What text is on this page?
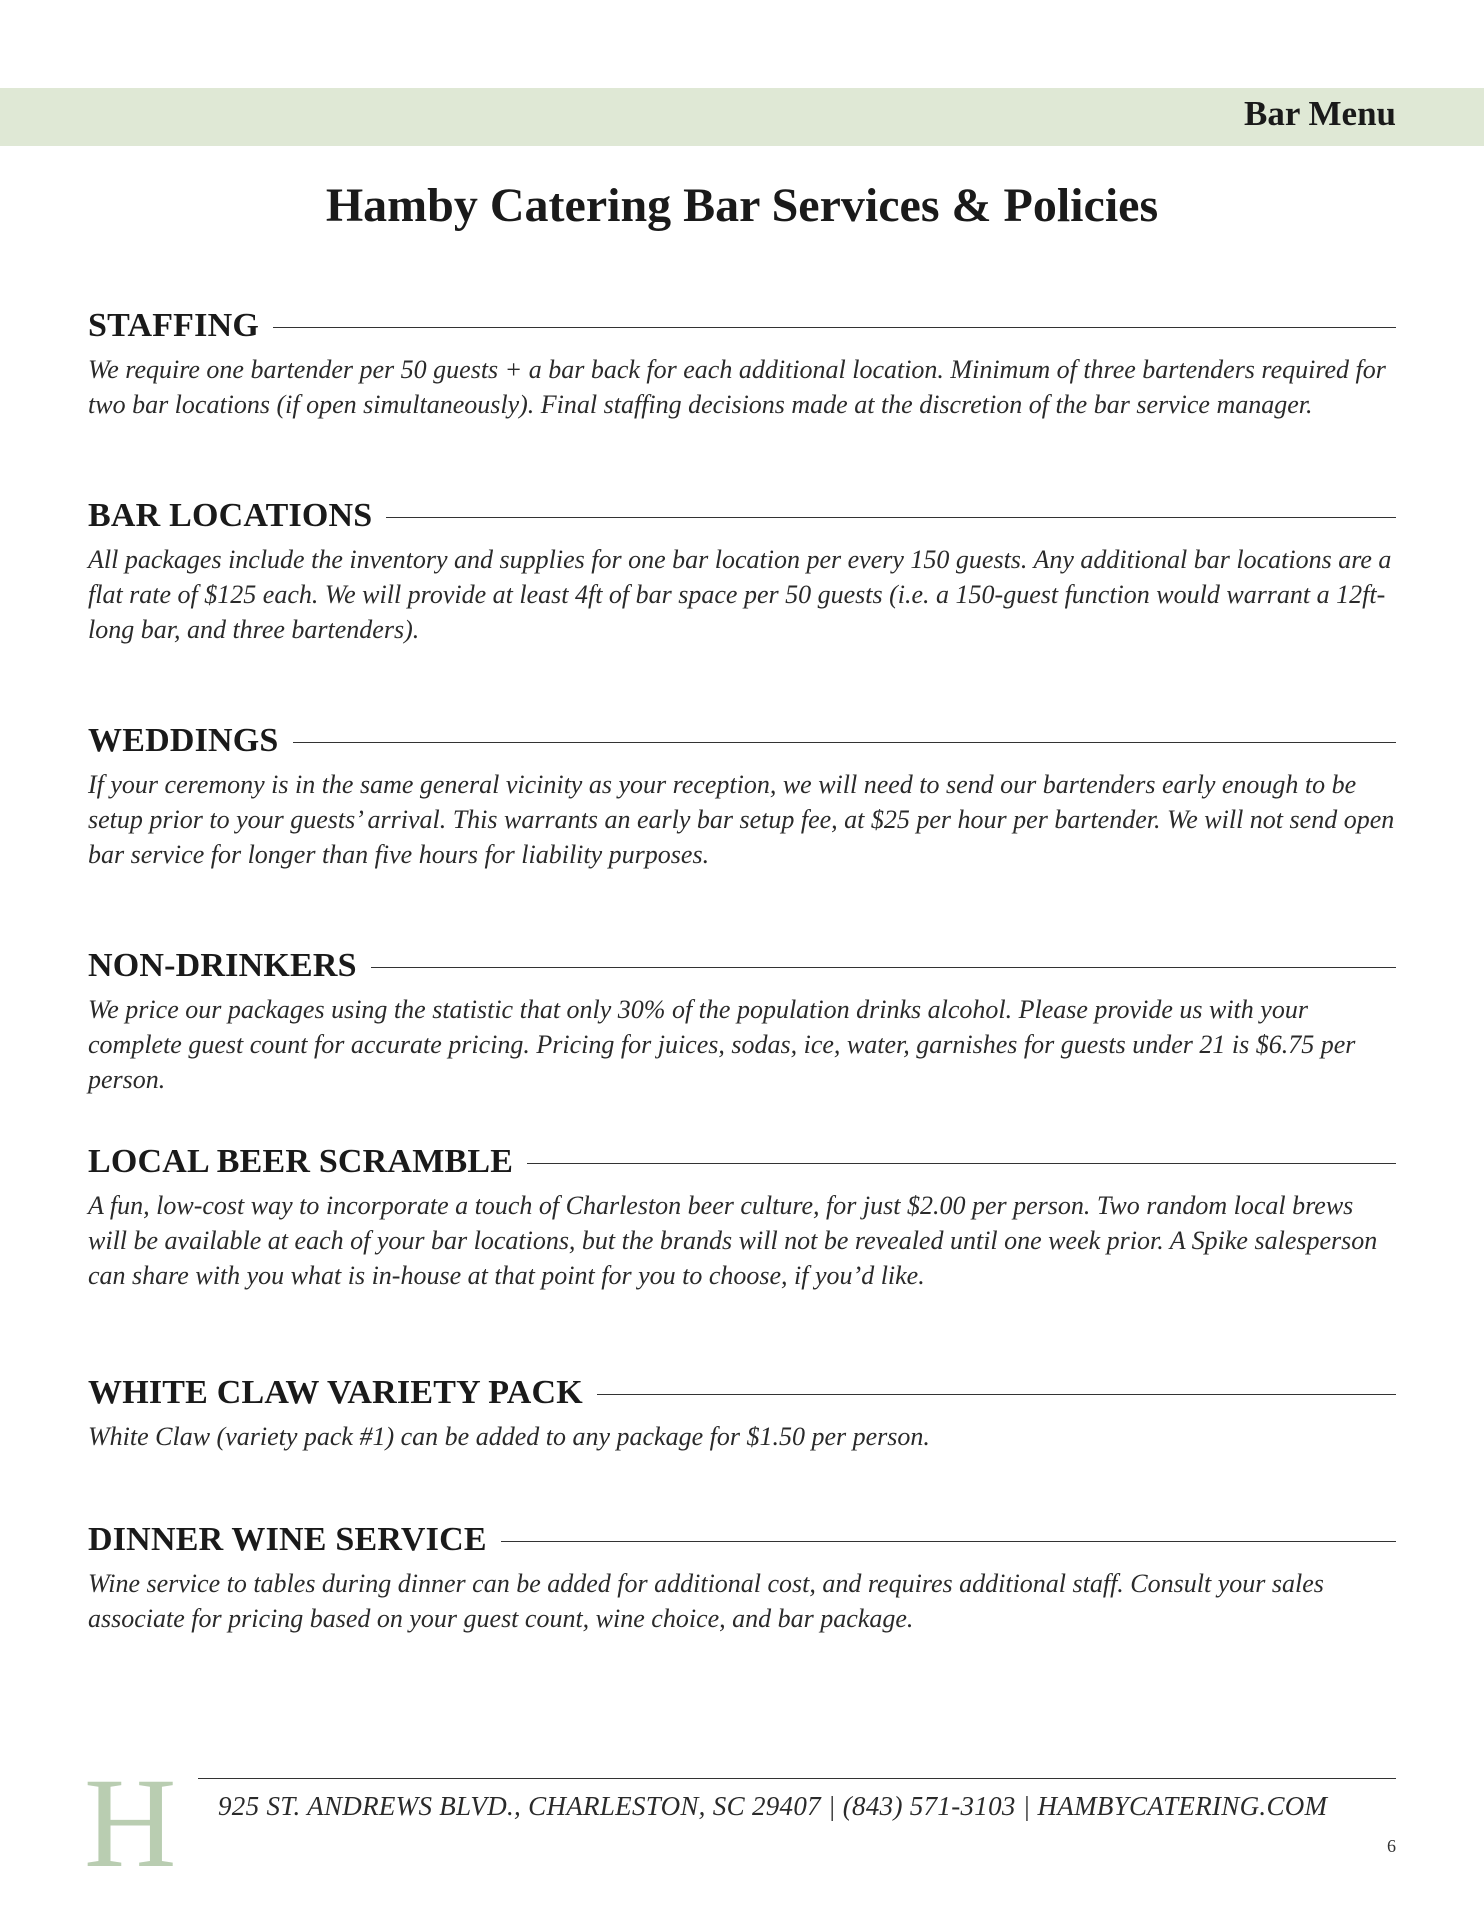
Bar Menu
Hamby Catering Bar Services & Policies
STAFFING
We require one bartender per 50 guests + a bar back for each additional location. Minimum of three bartenders required for two bar locations (if open simultaneously). Final staffing decisions made at the discretion of the bar service manager.
BAR LOCATIONS
All packages include the inventory and supplies for one bar location per every 150 guests. Any additional bar locations are a flat rate of $125 each. We will provide at least 4ft of bar space per 50 guests (i.e. a 150-guest function would warrant a 12ft-long bar, and three bartenders).
WEDDINGS
If your ceremony is in the same general vicinity as your reception, we will need to send our bartenders early enough to be setup prior to your guests’ arrival. This warrants an early bar setup fee, at $25 per hour per bartender. We will not send open bar service for longer than five hours for liability purposes.
NON-DRINKERS
We price our packages using the statistic that only 30% of the population drinks alcohol. Please provide us with your complete guest count for accurate pricing. Pricing for juices, sodas, ice, water, garnishes for guests under 21 is $6.75 per person.
LOCAL BEER SCRAMBLE
A fun, low-cost way to incorporate a touch of Charleston beer culture, for just $2.00 per person. Two random local brews will be available at each of your bar locations, but the brands will not be revealed until one week prior. A Spike salesperson can share with you what is in-house at that point for you to choose, if you’d like.
WHITE CLAW VARIETY PACK
White Claw (variety pack #1) can be added to any package for $1.50 per person.
DINNER WINE SERVICE
Wine service to tables during dinner can be added for additional cost, and requires additional staff. Consult your sales associate for pricing based on your guest count, wine choice, and bar package.
H 925 ST. ANDREWS BLVD., CHARLESTON, SC 29407 | (843) 571-3103 | HAMBYCATERING.COM
6
